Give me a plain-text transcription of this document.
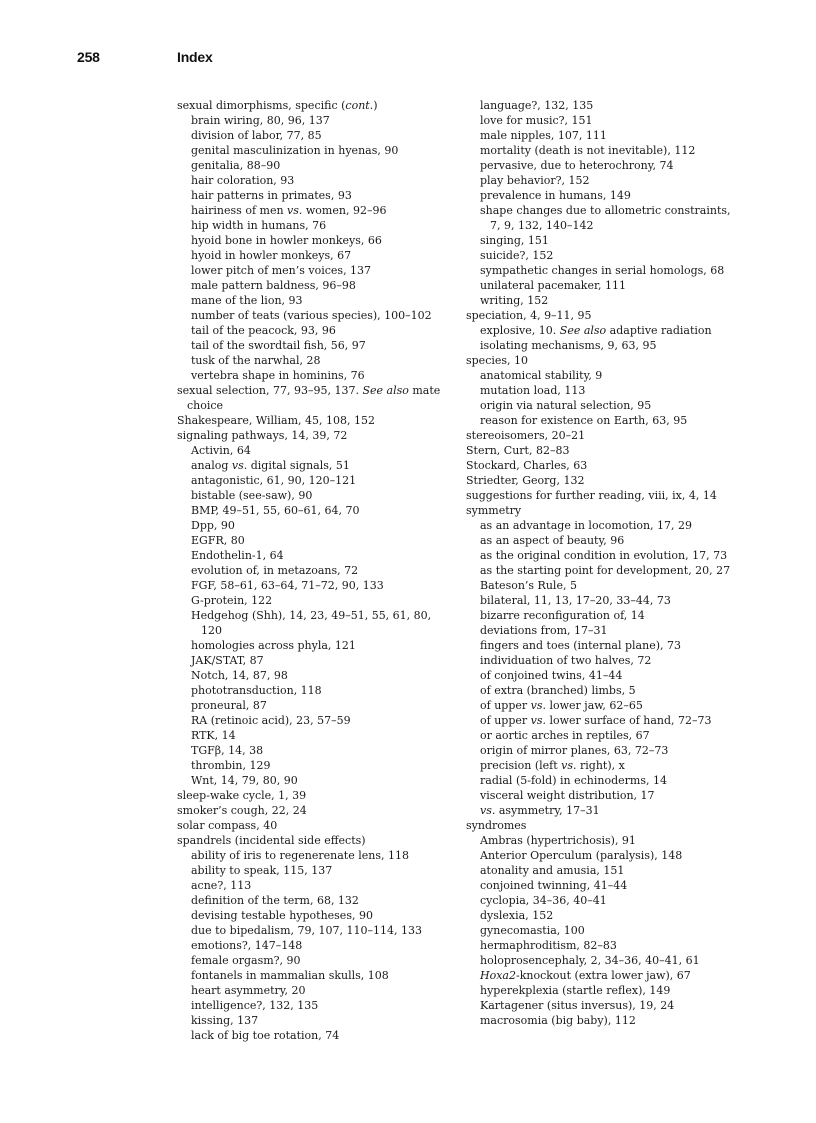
258	Index
sexual dimorphisms, specific (cont.)
brain wiring, 80, 96, 137
division of labor, 77, 85
genital masculinization in hyenas, 90
genitalia, 88–90
hair coloration, 93
hair patterns in primates, 93
hairiness of men vs. women, 92–96
hip width in humans, 76
hyoid bone in howler monkeys, 66
hyoid in howler monkeys, 67
lower pitch of men’s voices, 137
male pattern baldness, 96–98
mane of the lion, 93
number of teats (various species), 100–102
tail of the peacock, 93, 96
tail of the swordtail fish, 56, 97
tusk of the narwhal, 28
vertebra shape in hominins, 76
sexual selection, 77, 93–95, 137. See also mate choice
Shakespeare, William, 45, 108, 152
signaling pathways, 14, 39, 72
Activin, 64
analog vs. digital signals, 51
antagonistic, 61, 90, 120–121
bistable (see-saw), 90
BMP, 49–51, 55, 60–61, 64, 70
Dpp, 90
EGFR, 80
Endothelin-1, 64
evolution of, in metazoans, 72
FGF, 58–61, 63–64, 71–72, 90, 133
G-protein, 122
Hedgehog (Shh), 14, 23, 49–51, 55, 61, 80, 120
homologies across phyla, 121
JAK/STAT, 87
Notch, 14, 87, 98
phototransduction, 118
proneural, 87
RA (retinoic acid), 23, 57–59
RTK, 14
TGFβ, 14, 38
thrombin, 129
Wnt, 14, 79, 80, 90
sleep-wake cycle, 1, 39
smoker’s cough, 22, 24
solar compass, 40
spandrels (incidental side effects)
ability of iris to regenerenate lens, 118
ability to speak, 115, 137
acne?, 113
definition of the term, 68, 132
devising testable hypotheses, 90
due to bipedalism, 79, 107, 110–114, 133
emotions?, 147–148
female orgasm?, 90
fontanels in mammalian skulls, 108
heart asymmetry, 20
intelligence?, 132, 135
kissing, 137
lack of big toe rotation, 74
language?, 132, 135
love for music?, 151
male nipples, 107, 111
mortality (death is not inevitable), 112
pervasive, due to heterochrony, 74
play behavior?, 152
prevalence in humans, 149
shape changes due to allometric constraints, 7, 9, 132, 140–142
singing, 151
suicide?, 152
sympathetic changes in serial homologs, 68
unilateral pacemaker, 111
writing, 152
speciation, 4, 9–11, 95
explosive, 10. See also adaptive radiation
isolating mechanisms, 9, 63, 95
species, 10
anatomical stability, 9
mutation load, 113
origin via natural selection, 95
reason for existence on Earth, 63, 95
stereoisomers, 20–21
Stern, Curt, 82–83
Stockard, Charles, 63
Striedter, Georg, 132
suggestions for further reading, viii, ix, 4, 14
symmetry
as an advantage in locomotion, 17, 29
as an aspect of beauty, 96
as the original condition in evolution, 17, 73
as the starting point for development, 20, 27
Bateson’s Rule, 5
bilateral, 11, 13, 17–20, 33–44, 73
bizarre reconfiguration of, 14
deviations from, 17–31
fingers and toes (internal plane), 73
individuation of two halves, 72
of conjoined twins, 41–44
of extra (branched) limbs, 5
of upper vs. lower jaw, 62–65
of upper vs. lower surface of hand, 72–73
or aortic arches in reptiles, 67
origin of mirror planes, 63, 72–73
precision (left vs. right), x
radial (5-fold) in echinoderms, 14
visceral weight distribution, 17
vs. asymmetry, 17–31
syndromes
Ambras (hypertrichosis), 91
Anterior Operculum (paralysis), 148
atonality and amusia, 151
conjoined twinning, 41–44
cyclopia, 34–36, 40–41
dyslexia, 152
gynecomastia, 100
hermaphroditism, 82–83
holoprosencephaly, 2, 34–36, 40–41, 61
Hoxa2-knockout (extra lower jaw), 67
hyperekplexia (startle reflex), 149
Kartagener (situs inversus), 19, 24
macrosomia (big baby), 112
